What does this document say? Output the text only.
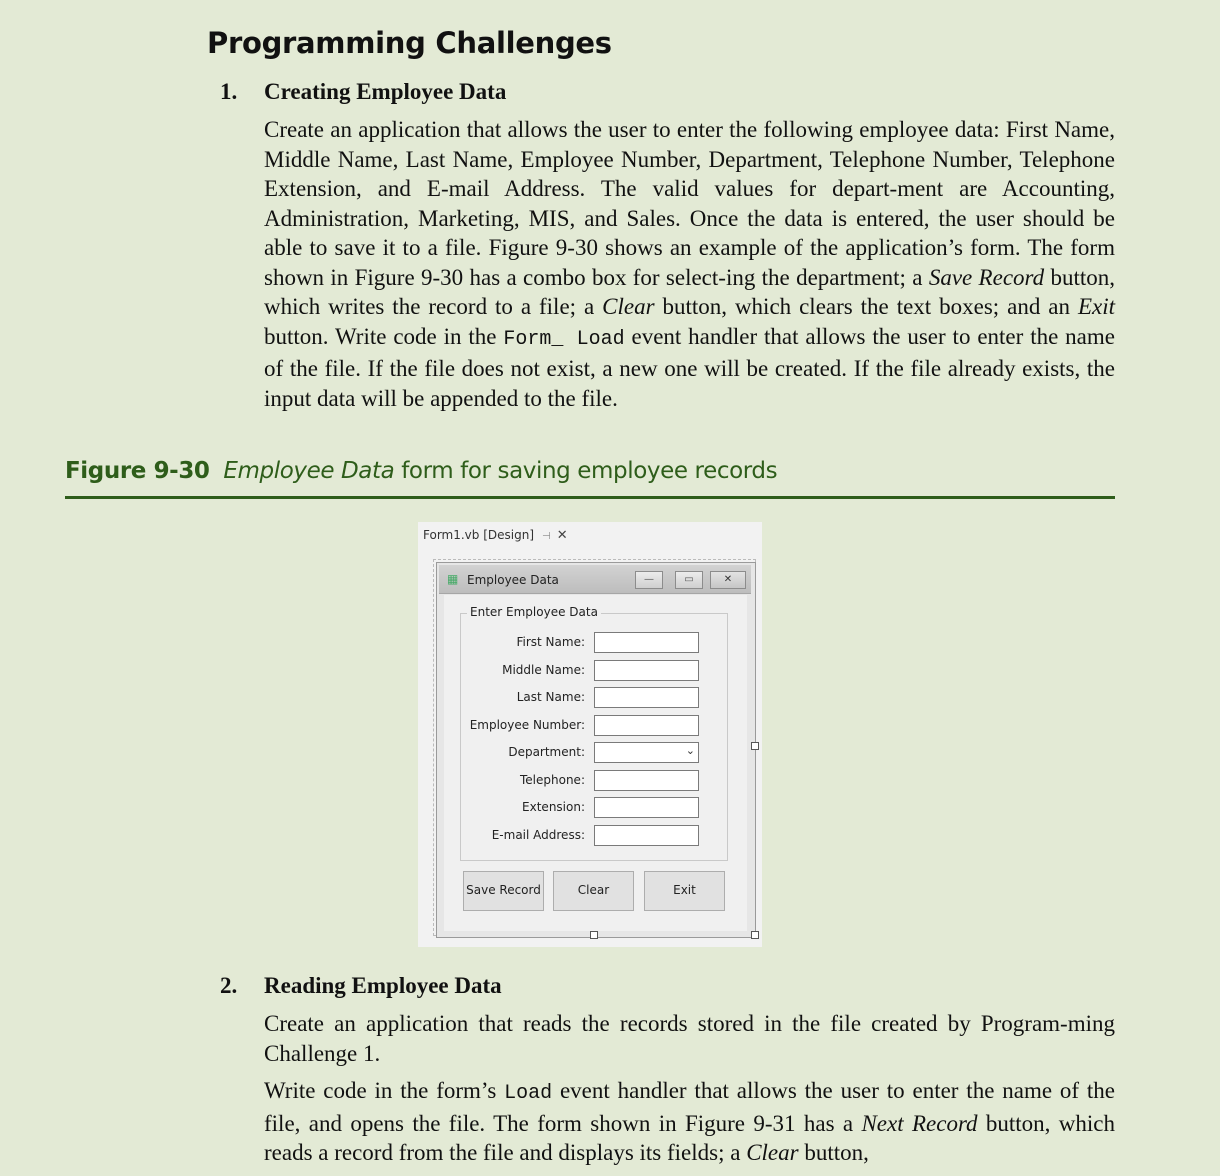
Programming Challenges
1. Creating Employee Data
Create an application that allows the user to enter the following employee data: First Name, Middle Name, Last Name, Employee Number, Department, Telephone Number, Telephone Extension, and E-mail Address. The valid values for depart-ment are Accounting, Administration, Marketing, MIS, and Sales. Once the data is entered, the user should be able to save it to a file. Figure 9-30 shows an example of the application’s form. The form shown in Figure 9-30 has a combo box for select-ing the department; a Save Record button, which writes the record to a file; a Clear button, which clears the text boxes; and an Exit button. Write code in the Form_ Load event handler that allows the user to enter the name of the file. If the file does not exist, a new one will be created. If the file already exists, the input data will be appended to the file.
Figure 9-30 Employee Data form for saving employee records
Form1.vb [Design] ⊣ ✕
▦ Employee Data	—	▭	✕
Enter Employee Data
First Name:
Middle Name:
Last Name:
Employee Number:
Department:	⌄
Telephone:
Extension:
E-mail Address:
Save Record	Clear	Exit
2. Reading Employee Data
Create an application that reads the records stored in the file created by Program-ming Challenge 1.
Write code in the form’s Load event handler that allows the user to enter the name of the file, and opens the file. The form shown in Figure 9-31 has a Next Record button, which reads a record from the file and displays its fields; a Clear button,
